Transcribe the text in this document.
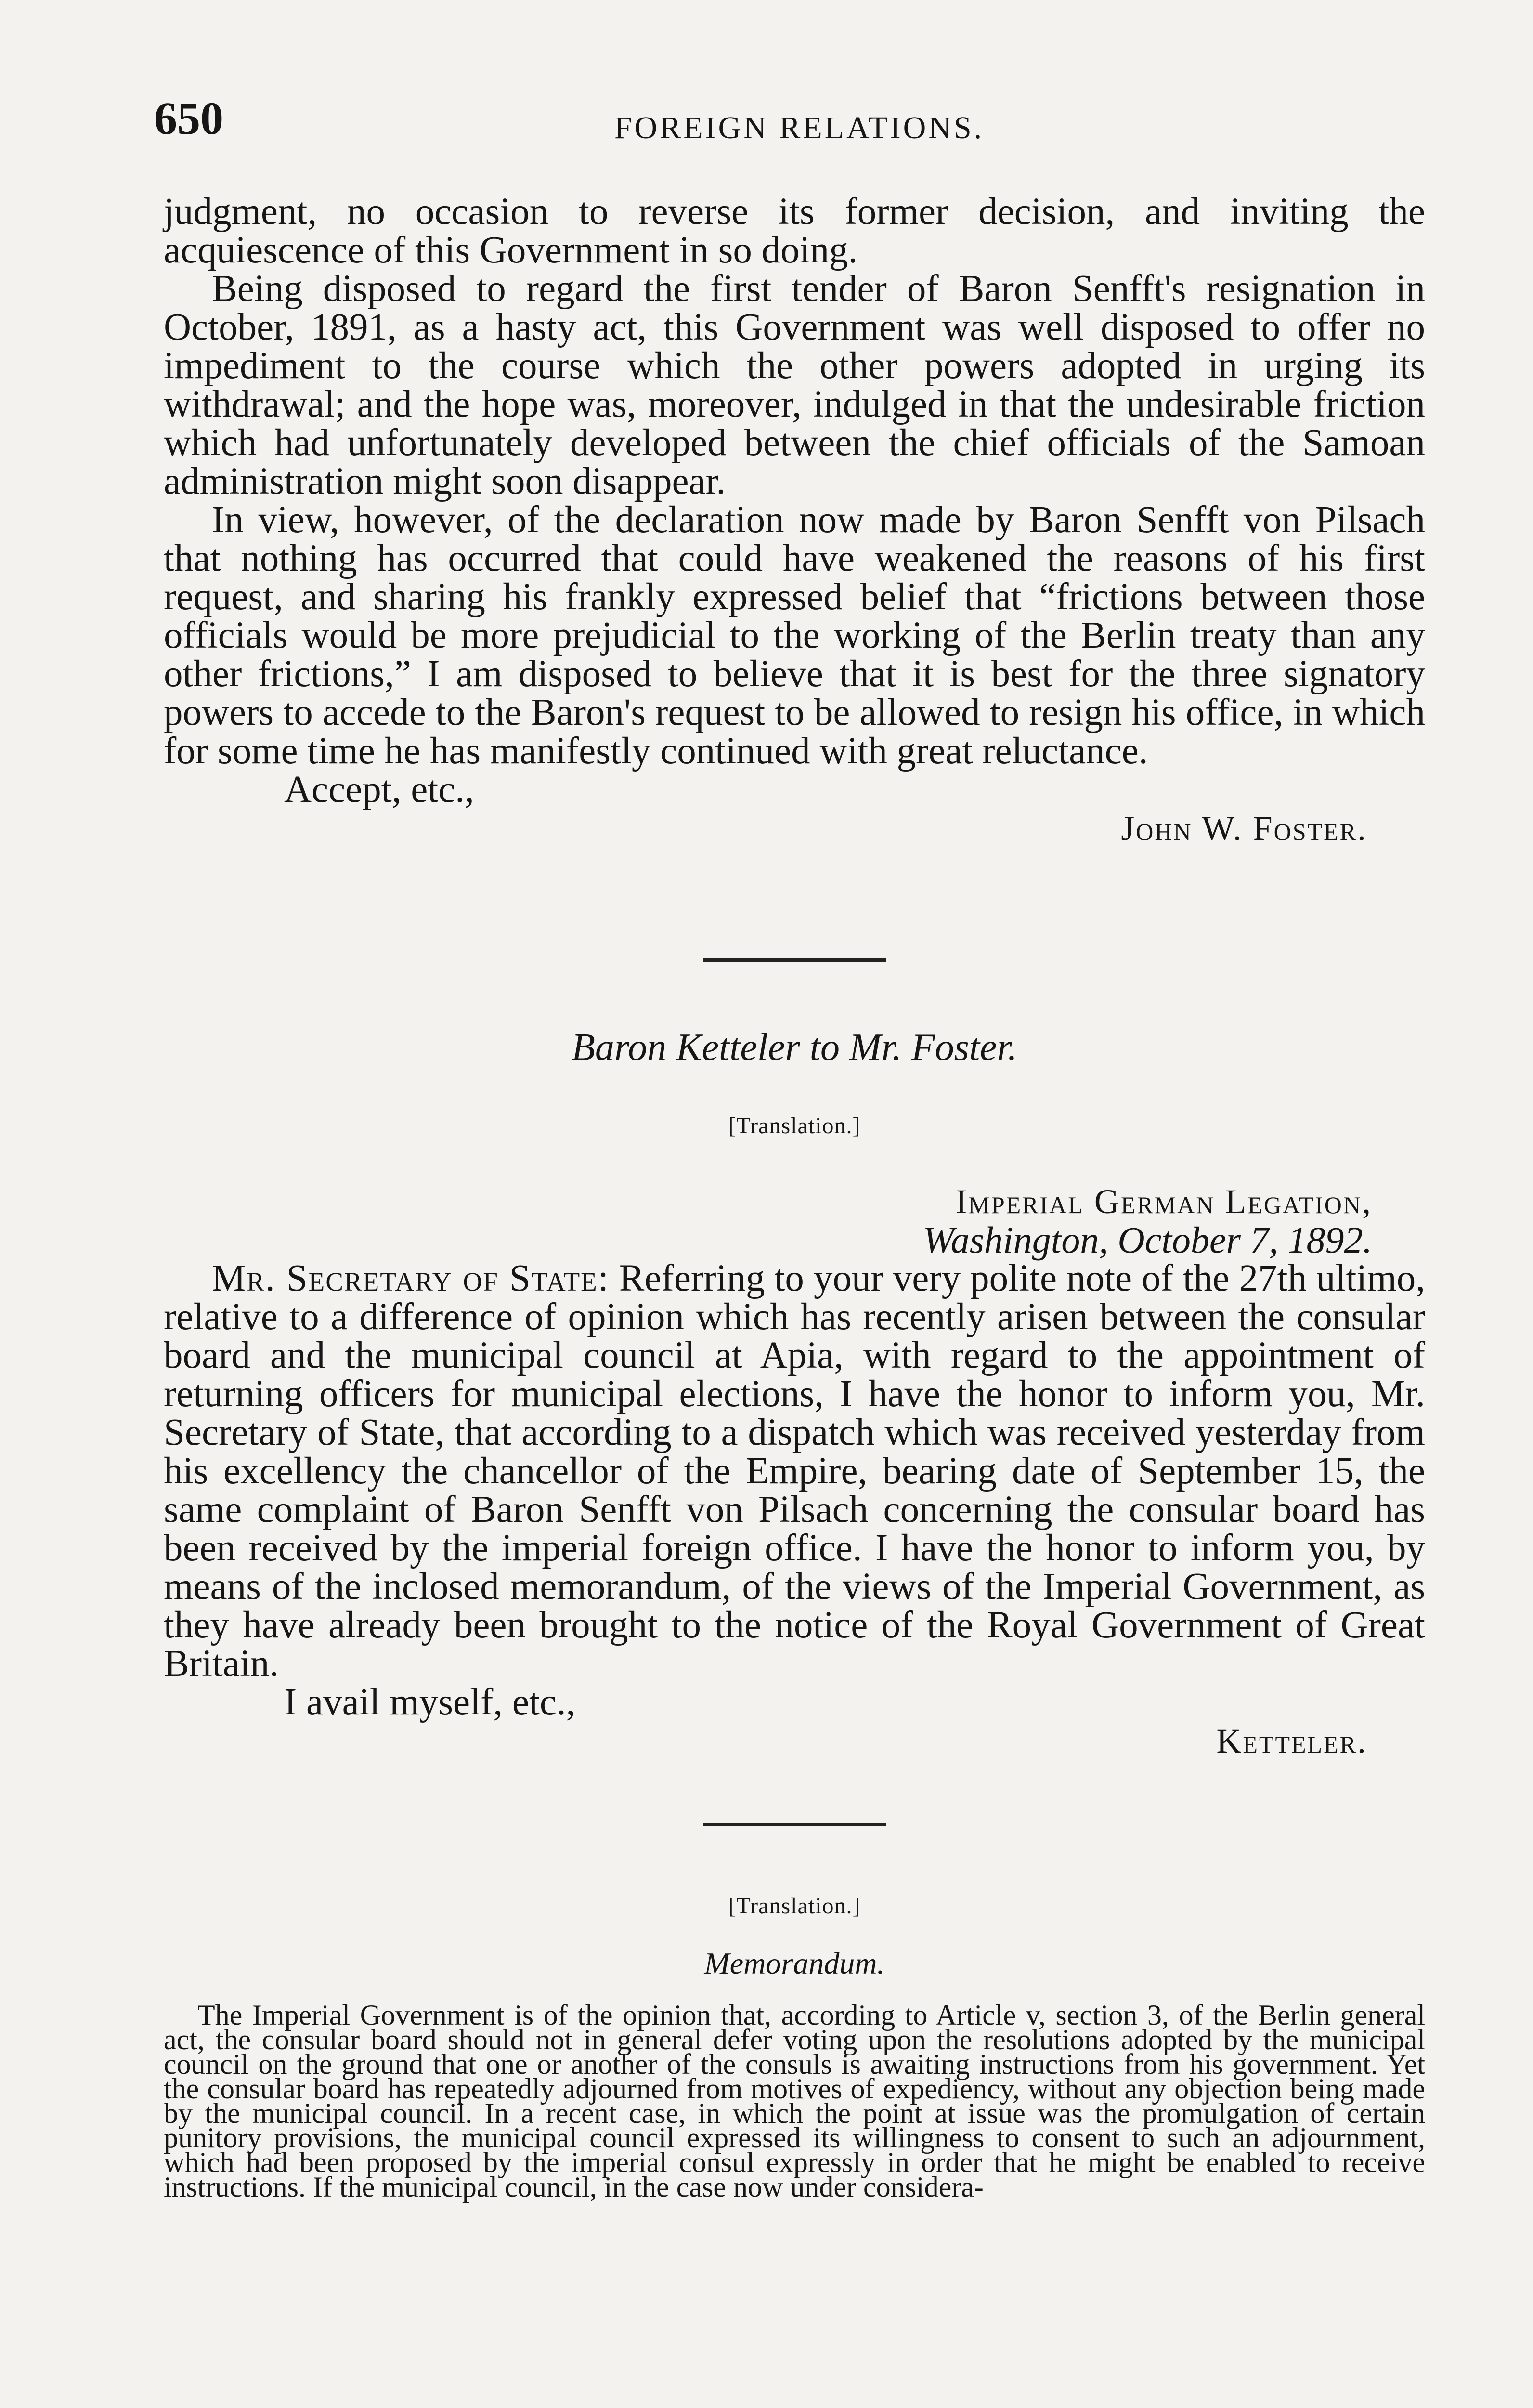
650	FOREIGN RELATIONS.

judgment, no occasion to reverse its former decision, and inviting the acquiescence of this Government in so doing.

Being disposed to regard the first tender of Baron Senfft's resignation in October, 1891, as a hasty act, this Government was well disposed to offer no impediment to the course which the other powers adopted in urging its withdrawal; and the hope was, moreover, indulged in that the undesirable friction which had unfortunately developed between the chief officials of the Samoan administration might soon disappear.

In view, however, of the declaration now made by Baron Senfft von Pilsach that nothing has occurred that could have weakened the reasons of his first request, and sharing his frankly expressed belief that “frictions between those officials would be more prejudicial to the working of the Berlin treaty than any other frictions,” I am disposed to believe that it is best for the three signatory powers to accede to the Baron's request to be allowed to resign his office, in which for some time he has manifestly continued with great reluctance.

Accept, etc.,
John W. Foster.
Baron Ketteler to Mr. Foster.
[Translation.]
Imperial German Legation,
Washington, October 7, 1892.

Mr. Secretary of State: Referring to your very polite note of the 27th ultimo, relative to a difference of opinion which has recently arisen between the consular board and the municipal council at Apia, with regard to the appointment of returning officers for municipal elections, I have the honor to inform you, Mr. Secretary of State, that according to a dispatch which was received yesterday from his excellency the chancellor of the Empire, bearing date of September 15, the same complaint of Baron Senfft von Pilsach concerning the consular board has been received by the imperial foreign office. I have the honor to inform you, by means of the inclosed memorandum, of the views of the Imperial Government, as they have already been brought to the notice of the Royal Government of Great Britain.

I avail myself, etc.,
Ketteler.
[Translation.]
Memorandum.

The Imperial Government is of the opinion that, according to Article v, section 3, of the Berlin general act, the consular board should not in general defer voting upon the resolutions adopted by the municipal council on the ground that one or another of the consuls is awaiting instructions from his government. Yet the consular board has repeatedly adjourned from motives of expediency, without any objection being made by the municipal council. In a recent case, in which the point at issue was the promulgation of certain punitory provisions, the municipal council expressed its willingness to consent to such an adjournment, which had been proposed by the imperial consul expressly in order that he might be enabled to receive instructions. If the municipal council, in the case now under considera-
